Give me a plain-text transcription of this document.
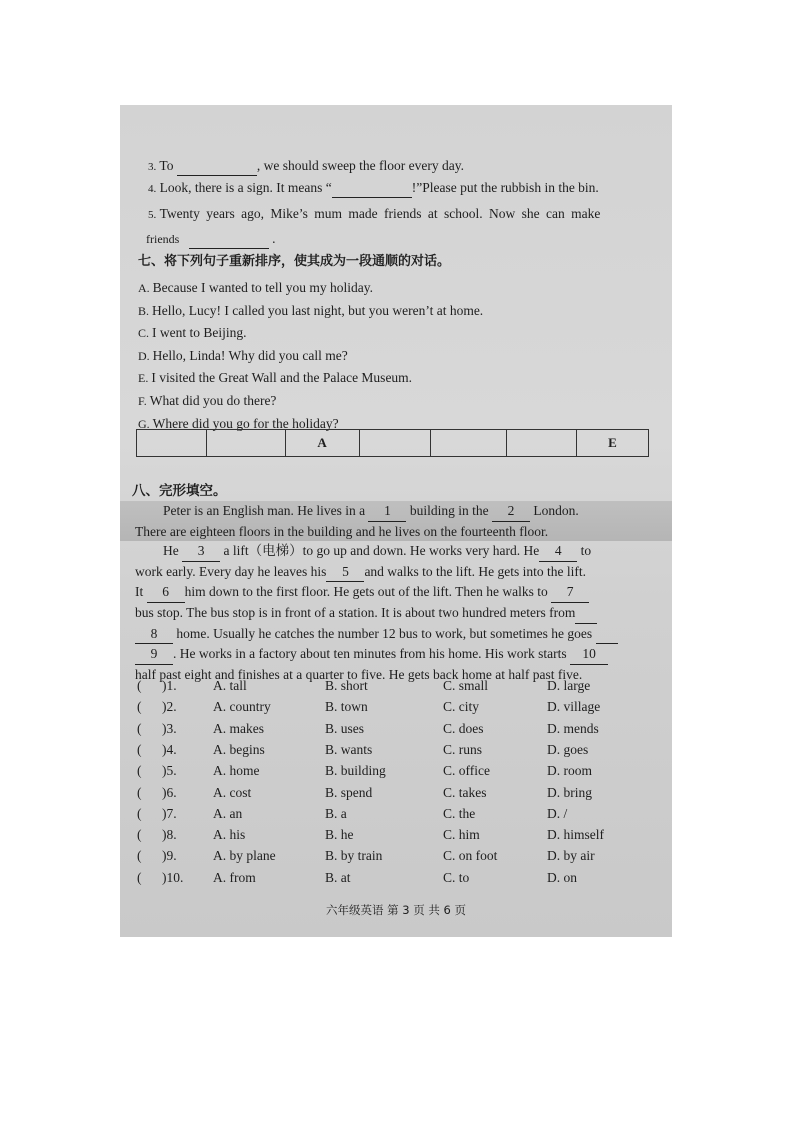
3. To	, we should sweep the floor every day.
4. Look, there is a sign. It means “	!”Please put the rubbish in the bin.
5. Twenty years ago, Mike’s mum made friends at school. Now she can make
friends	.
七、将下列句子重新排序，使其成为一段通顺的对话。
A. Because I wanted to tell you my holiday.
B. Hello, Lucy! I called you last night, but you weren’t at home.
C. I went to Beijing.
D. Hello, Linda! Why did you call me?
E. I visited the Great Wall and the Palace Museum.
F. What did you do there?
G. Where did you go for the holiday?
		A				E
八、完形填空。
Peter is an English man. He lives in a 1 building in the 2 London.
There are eighteen floors in the building and he lives on the fourteenth floor.
He 3 a lift（电梯）to go up and down. He works very hard. He 4 to
work early. Every day he leaves his 5 and walks to the lift. He gets into the lift.
It 6 him down to the first floor. He gets out of the lift. Then he walks to 7
bus stop. The bus stop is in front of a station. It is about two hundred meters from
8 home. Usually he catches the number 12 bus to work, but sometimes he goes
9 . He works in a factory about ten minutes from his home. His work starts 10
half past eight and finishes at a quarter to five. He gets back home at half past five.
( )1.	A. tall	B. short	C. small	D. large
( )2.	A. country	B. town	C. city	D. village
( )3.	A. makes	B. uses	C. does	D. mends
( )4.	A. begins	B. wants	C. runs	D. goes
( )5.	A. home	B. building	C. office	D. room
( )6.	A. cost	B. spend	C. takes	D. bring
( )7.	A. an	B. a	C. the	D. /
( )8.	A. his	B. he	C. him	D. himself
( )9.	A. by plane	B. by train	C. on foot	D. by air
( )10. A. from	B. at	C. to	D. on
六年级英语 第 3 页 共 6 页
